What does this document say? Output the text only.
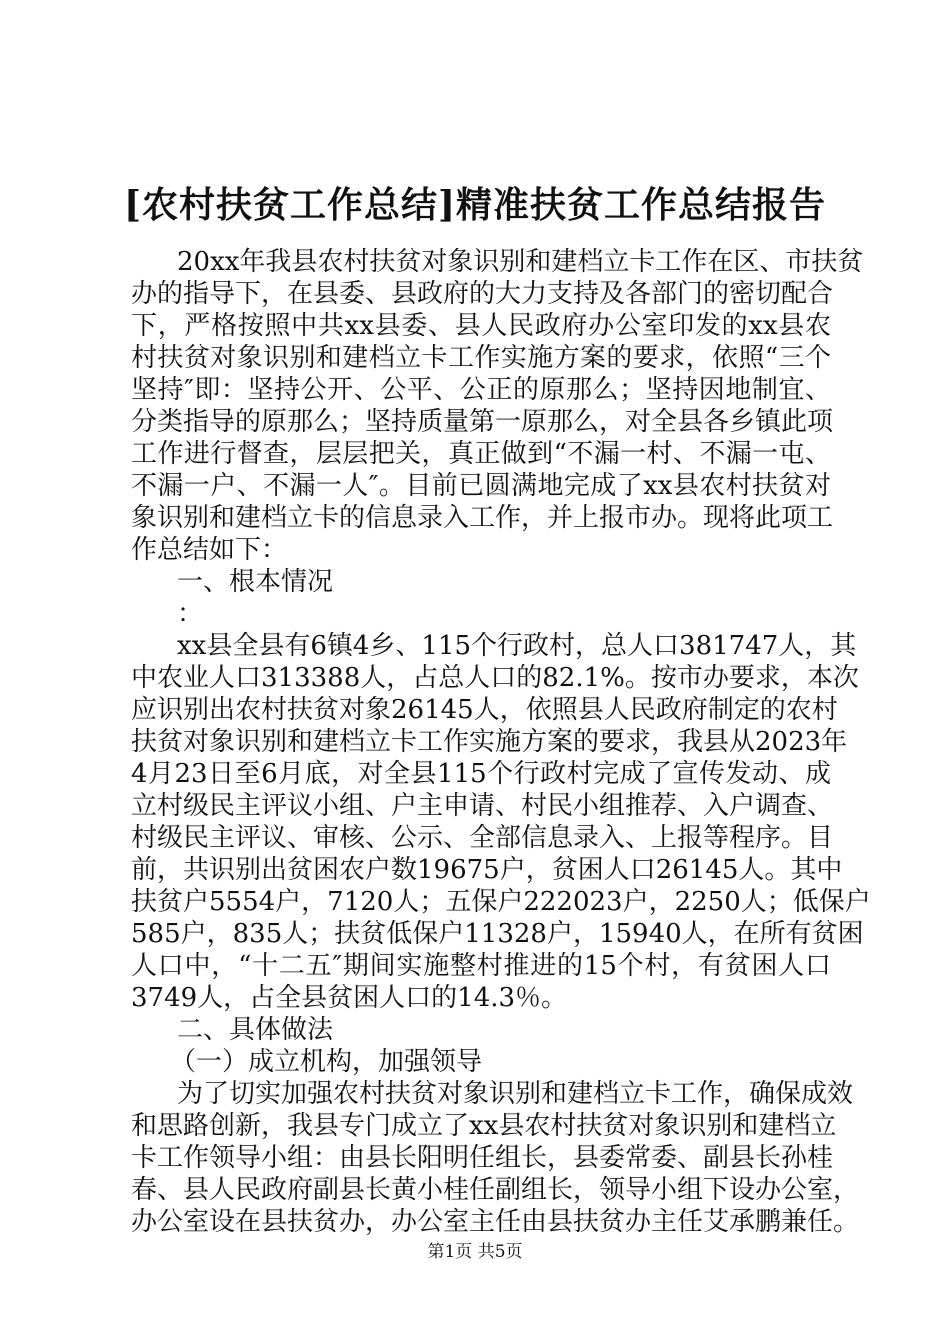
[农村扶贫工作总结]精准扶贫工作总结报告
20xx年我县农村扶贫对象识别和建档立卡工作在区、市扶贫
办的指导下，在县委、县政府的大力支持及各部门的密切配合
下，严格按照中共xx县委、县人民政府办公室印发的xx县农
村扶贫对象识别和建档立卡工作实施方案的要求，依照“三个
坚持″即：坚持公开、公平、公正的原那么；坚持因地制宜、
分类指导的原那么；坚持质量第一原那么，对全县各乡镇此项
工作进行督查，层层把关，真正做到“不漏一村、不漏一屯、
不漏一户、不漏一人″。目前已圆满地完成了xx县农村扶贫对
象识别和建档立卡的信息录入工作，并上报市办。现将此项工
作总结如下：
一、根本情况
：
xx县全县有6镇4乡、115个行政村，总人口381747人，其
中农业人口313388人，占总人口的82.1%。按市办要求，本次
应识别出农村扶贫对象26145人，依照县人民政府制定的农村
扶贫对象识别和建档立卡工作实施方案的要求，我县从2023年
4月23日至6月底，对全县115个行政村完成了宣传发动、成
立村级民主评议小组、户主申请、村民小组推荐、入户调查、
村级民主评议、审核、公示、全部信息录入、上报等程序。目
前，共识别出贫困农户数19675户，贫困人口26145人。其中
扶贫户5554户，7120人；五保户222023户，2250人；低保户
585户，835人；扶贫低保户11328户，15940人，在所有贫困
人口中，“十二五″期间实施整村推进的15个村，有贫困人口
3749人，占全县贫困人口的14.3％。
二、具体做法
（一）成立机构，加强领导
为了切实加强农村扶贫对象识别和建档立卡工作，确保成效
和思路创新，我县专门成立了xx县农村扶贫对象识别和建档立
卡工作领导小组：由县长阳明任组长，县委常委、副县长孙桂
春、县人民政府副县长黄小桂任副组长，领导小组下设办公室，
办公室设在县扶贫办，办公室主任由县扶贫办主任艾承鹏兼任。
第1页 共5页
